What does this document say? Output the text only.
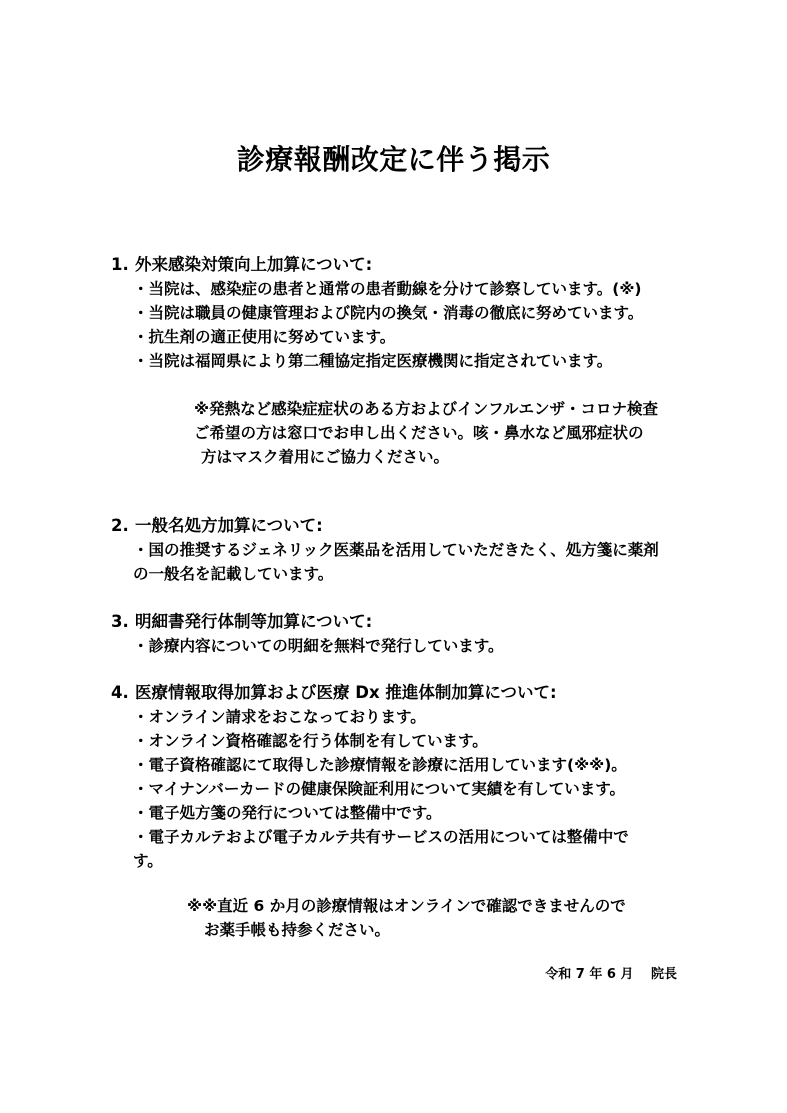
診療報酬改定に伴う掲示
1. 外来感染対策向上加算について:
・当院は、感染症の患者と通常の患者動線を分けて診察しています。(※)
・当院は職員の健康管理および院内の換気・消毒の徹底に努めています。
・抗生剤の適正使用に努めています。
・当院は福岡県により第二種協定指定医療機関に指定されています。
※発熱など感染症症状のある方およびインフルエンザ・コロナ検査
ご希望の方は窓口でお申し出ください。咳・鼻水など風邪症状の
方はマスク着用にご協力ください。
2. 一般名処方加算について:
・国の推奨するジェネリック医薬品を活用していただきたく、処方箋に薬剤
の一般名を記載しています。
3. 明細書発行体制等加算について:
・診療内容についての明細を無料で発行しています。
4. 医療情報取得加算および医療 Dx 推進体制加算について:
・オンライン請求をおこなっております。
・オンライン資格確認を行う体制を有しています。
・電子資格確認にて取得した診療情報を診療に活用しています(※※)。
・マイナンバーカードの健康保険証利用について実績を有しています。
・電子処方箋の発行については整備中です。
・電子カルテおよび電子カルテ共有サービスの活用については整備中で
す。
※※直近 6 か月の診療情報はオンラインで確認できませんので
お薬手帳も持参ください。
令和 7 年 6 月　 院長
